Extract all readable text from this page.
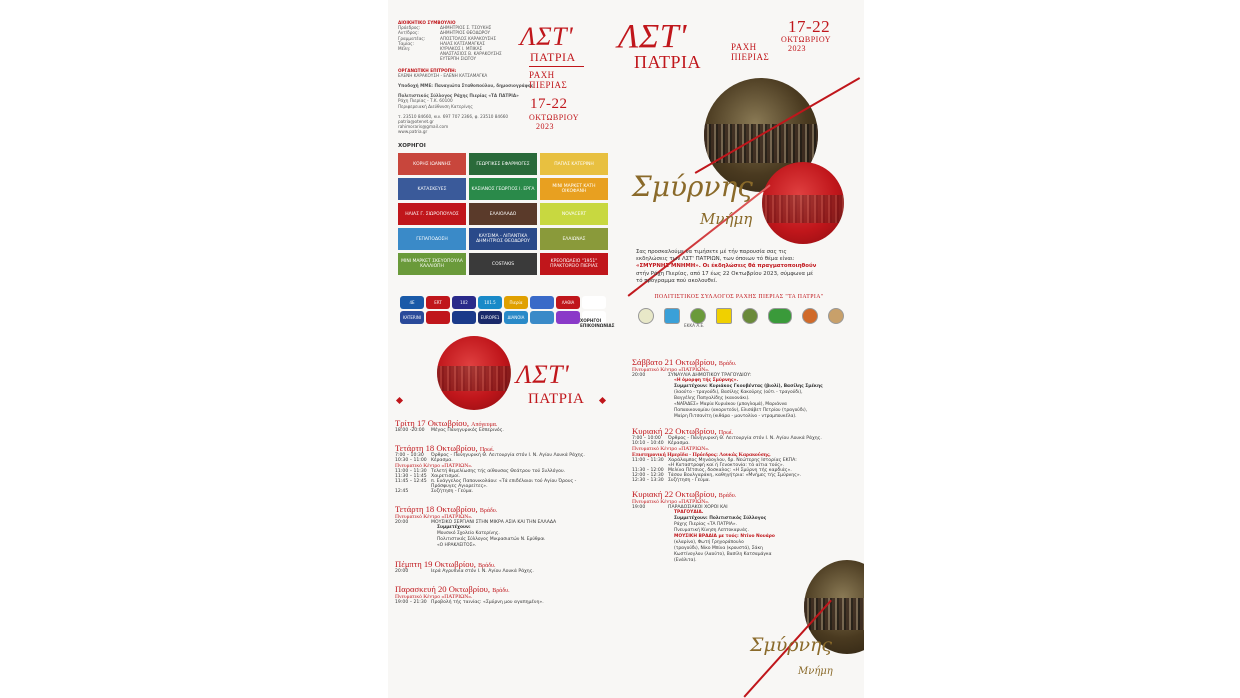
ΔΙΟΙΚΗΤΙΚΟ ΣΥΜΒΟΥΛΙΟ
Πρόεδρος:	ΔΗΜΗΤΡΙΟΣ Σ. ΤΣΟΥΚΗΣ
Αντ/δρος:	ΔΗΜΗΤΡΙΟΣ ΘΕΟΔΩΡΟΥ
Γραμματέας:	ΑΠΟΣΤΟΛΟΣ ΚΑΡΑΚΟΥΣΗΣ
Ταμίας:	ΗΛΙΑΣ ΚΑΤΣΑΜΑΓΚΑΣ
Μέλη:	ΚΥΡΙΑΚΟΣ Ι. ΜΠΙΚΑΣ
ΑΝΑΣΤΑΣΙΟΣ Β. ΚΑΡΑΚΟΥΣΗΣ
ΕΥΤΕΡΠΗ ΣΙΩΤΟΥ
ΟΡΓΑΝΩΤΙΚΗ ΕΠΙΤΡΟΠΗ:
ΕΛΕΝΗ ΚΑΡΑΚΟΥΣΗ - ΕΛΕΝΗ ΚΑΤΣΑΜΑΓΚΑ
Υποδοχή ΜΜΕ: Παναγιώτα Σταθοπούλου, δημοσιογράφος
Πολιτιστικός Σύλλογος Ράχης Πιερίας «ΤΑ ΠΑΤΡΙΑ»
Ράχη Πιερίας - Τ.Κ. 60100
Περιφερειακή Διεύθυνση Κατερίνης
τ. 23510 84660, κιν. 697 707 2366, φ. 23510 84660
patria@otenet.gr
rahimoraris@gmail.com
www.patria.gr
ΛΣΤ'
ΠΑΤΡΙΑ
ΡΑΧΗ ΠΙΕΡΙΑΣ
17-22
ΟΚΤΩΒΡΙΟΥ
2023
ΛΣΤ'
ΠΑΤΡΙΑ
ΡΑΧΗ ΠΙΕΡΙΑΣ
17-22
ΟΚΤΩΒΡΙΟΥ
2023
Σμύρνης
Μνήμη
Σας προσκαλούμε να τιμήσετε μέ τήν παρουσία σας τις
εκδηλώσεις των ΛΣΤ' ΠΑΤΡΙΩΝ, των όποιων τό θέμα είναι:
«ΣΜΥΡΝΗΣ ΜΝΗΜΗ». Οι έκδηλώσεις θά πραγματοποιηθούν
στήν Ράχη Πιερίας, από 17 έως 22 Οκτωβρίου 2023, σύμφωνα μέ
τό πρόγραμμα πού ακολουθεί.
ΠΟΛΙΤΙΣΤΙΚΟΣ ΣΥΛΛΟΓΟΣ ΡΑΧΗΣ ΠΙΕΡΙΑΣ "ΤΑ ΠΑΤΡΙΑ"
ΕΚΚΑ Α.Ε.
ΧΟΡΗΓΟΙ
ΚΟΡΗΣ ΙΩΑΝΝΗΣ	ΓΕΩΡΓΙΚΕΣ ΕΦΑΡΜΟΓΕΣ	ΠΑΠΑΣ ΚΑΤΕΡΙΝΗ
ΚΑΤΑΣΚΕΥΕΣ	ΚΑΣΙΑΝΟΣ ΓΕΩΡΓΙΟΣ Ι. ΕΡΓΑ	ΜΙΝΙ ΜΑΡΚΕΤ ΚΑΤΗ ΟΙΚΟΦΑΝΗ
ΗΛΙΑΣ Γ. ΣΙΩΡΟΠΟΥΛΟΣ	ΕΛΑΙΟΛΑΔΟ	NOVACERT
ΓΕΠΑΠΟΔΟΣΗ	ΚΑΥΣΙΜΑ - ΛΙΠΑΝΤΙΚΑ ΔΗΜΗΤΡΙΟΣ ΘΕΟΔΩΡΟΥ	ΕΛΑΙΩΝΑΣ
ΜΙΝΙ ΜΑΡΚΕΤ ΣΚΕΥΟΠΟΥΛΑ ΚΑΛΛΙΟΠΗ	COSTAKIS	ΚΡΕΟΠΩΛΕΙΟ "1951" ΠΡΑΚΤΟΡΕΙΟ ΠΙΕΡΙΑΣ
4E	ERT	102	101.5	Πιερία	ΛΑΘΙΑ
KATERINI	EUROPE1	ΔΙΑΝΟΙΑ
ΧΟΡΗΓΟΙ
ΕΠΙΚΟΙΝΩΝΙΑΣ
ΛΣΤ'
ΠΑΤΡΙΑ
Τρίτη 17 Οκτωβρίου, Απόγευμα.
18:00 -20:00	Μέγας Πανηγυρικός Εσπερινός.
Τετάρτη 18 Οκτωβρίου, Πρωί.
7:00 – 10:30	Όρθρος - Πανηγυρική Θ. Λειτουργία στόν Ι. Ν. Αγίου Λουκά Ράχης.
10:30 – 11:00 Κέρασμα.
Πνευματικό Κέντρο «ΠΑΤΡΙΩΝ».
11:00 – 11:30 Τελετή θεμελίωσης τής αίθουσας Θεάτρου τού Συλλόγου.
11:30 – 11:45 Χαιρετισμοί.
11:45 – 12:45 π. Ευάγγελος Παπανικολάου: «Τά επιδέλαιοι τού Αγίου Όρους -
Πρόσφυγες Αγιορείτες».
12:45	Συζήτηση - Γεύμα.
Τετάρτη 18 Οκτωβρίου, Βράδυ.
Πνευματικό Κέντρο «ΠΑΤΡΙΩΝ».
20:00	ΜΟΥΣΙΚΟ ΣΕΡΓΙΑΝΙ ΣΤΗΝ ΜΙΚΡΑ ΑΣΙΑ ΚΑΙ ΤΗΝ ΕΛΛΑΔΑ
Συμμετέχουν:
Μουσικό Σχολείο Κατερίνης.
Πολιτιστικός Σύλλογος Μικρασιατών Ν. Ερύθραι
«Ο ΗΡΑΚΛΕΙΤΟΣ».
Πέμπτη 19 Οκτωβρίου, Βράδυ.
20:00	Ιερά Αγρυπνία στόν Ι. Ν. Αγίου Λουκά Ράχης.
Παρασκευή 20 Οκτωβρίου, Βράδυ.
Πνευματικό Κέντρο «ΠΑΤΡΙΩΝ».
19:00 – 21:30 Προβολή τής ταινίας: «Σμύρνη μου αγαπημένη».
Σάββατο 21 Οκτωβρίου, Βράδυ.
Πνευματικό Κέντρο «ΠΑΤΡΙΩΝ».
20:00	ΣΥΝΑΥΛΙΑ ΔΗΜΟΤΙΚΟΥ ΤΡΑΓΟΥΔΙΟΥ:
«Η όμορφη τής Σμύρνης».
Συμμετέχουν: Κυριάκος Γκουβέντας (βιολί), Βασίλης Σμέκης
(λαούτο - τραγούδι), Βασίλης Κακούρης (ούτι - τραγούδι),
Βαγγέλης Παπγαλίδης (κανονάκι).
«ΝΑΪΑΔΕΣ» Μαρία Κυριάκου (μπαγλαμά), Μαριάννα
Παπαοικονομίου (ακορντεόν), Ελισάβετ Πετρίου (τραγούδι),
Μαίρη Πιτσανίτη (κιθάρα - μαντολίνο - ντραμπουκέλα).
Κυριακή 22 Οκτωβρίου, Πρωί.
7:00 – 10:00	Όρθρος - Πανηγυρική Θ. Λειτουργία στόν Ι. Ν. Αγίου Λουκά Ράχης.
10:10 – 10:40 Κέρασμα.
Πνευματικό Κέντρο «ΠΑΤΡΙΩΝ».
Επιστημονική Ημερίδα - Πρόεδρος: Λουκάς Καρακούσης.
11:00 – 11:30 Χαράλαμπος Μηνάογλου, δρ. Νεώτερης Ιστορίας ΕΚΠΑ:
«Η Καταστροφή καί ή Γενοκτονία: τά αίτια τούς».
11:30 – 12:00 Μελίνα Πέτσιος, δοσκαλος: «Η Σμύρνη τής καρδιάς».
12:00 – 12:30 Τάσου Βουλγαράκη, καθηγήτρια: «Μνήμες τής Σμύρνης».
12:30 – 13:30 Συζήτηση - Γεύμα.
Κυριακή 22 Οκτωβρίου, Βράδυ.
Πνευματικό Κέντρο «ΠΑΤΡΙΩΝ».
19:00	ΠΑΡΑΔΟΣΙΑΚΟΙ ΧΟΡΟΙ ΚΑΙ
ΤΡΑΓΟΥΔΙΑ.
Συμμετέχουν: Πολιτιστικός Σύλλογος
Ράχης Πιερίας «ΤΑ ΠΑΤΡΙΑ».
Πνευματική Κίνηση Λεπτοκαρυάς.
ΜΟΥΣΙΚΗ ΒΡΑΔΙΑ με τούς: Ντίνο Νουάρο
(κλαρίνο), Φωτή Γρηγοράπουλο
(τραγούδι), Νίκο Μπίνα (κρουστά), Σάκη
Κωστίνογλου (λαούτο), Βασίλη Κατσαμάγκα
(Ενάλιτα).
Σμύρνης
Μνήμη
